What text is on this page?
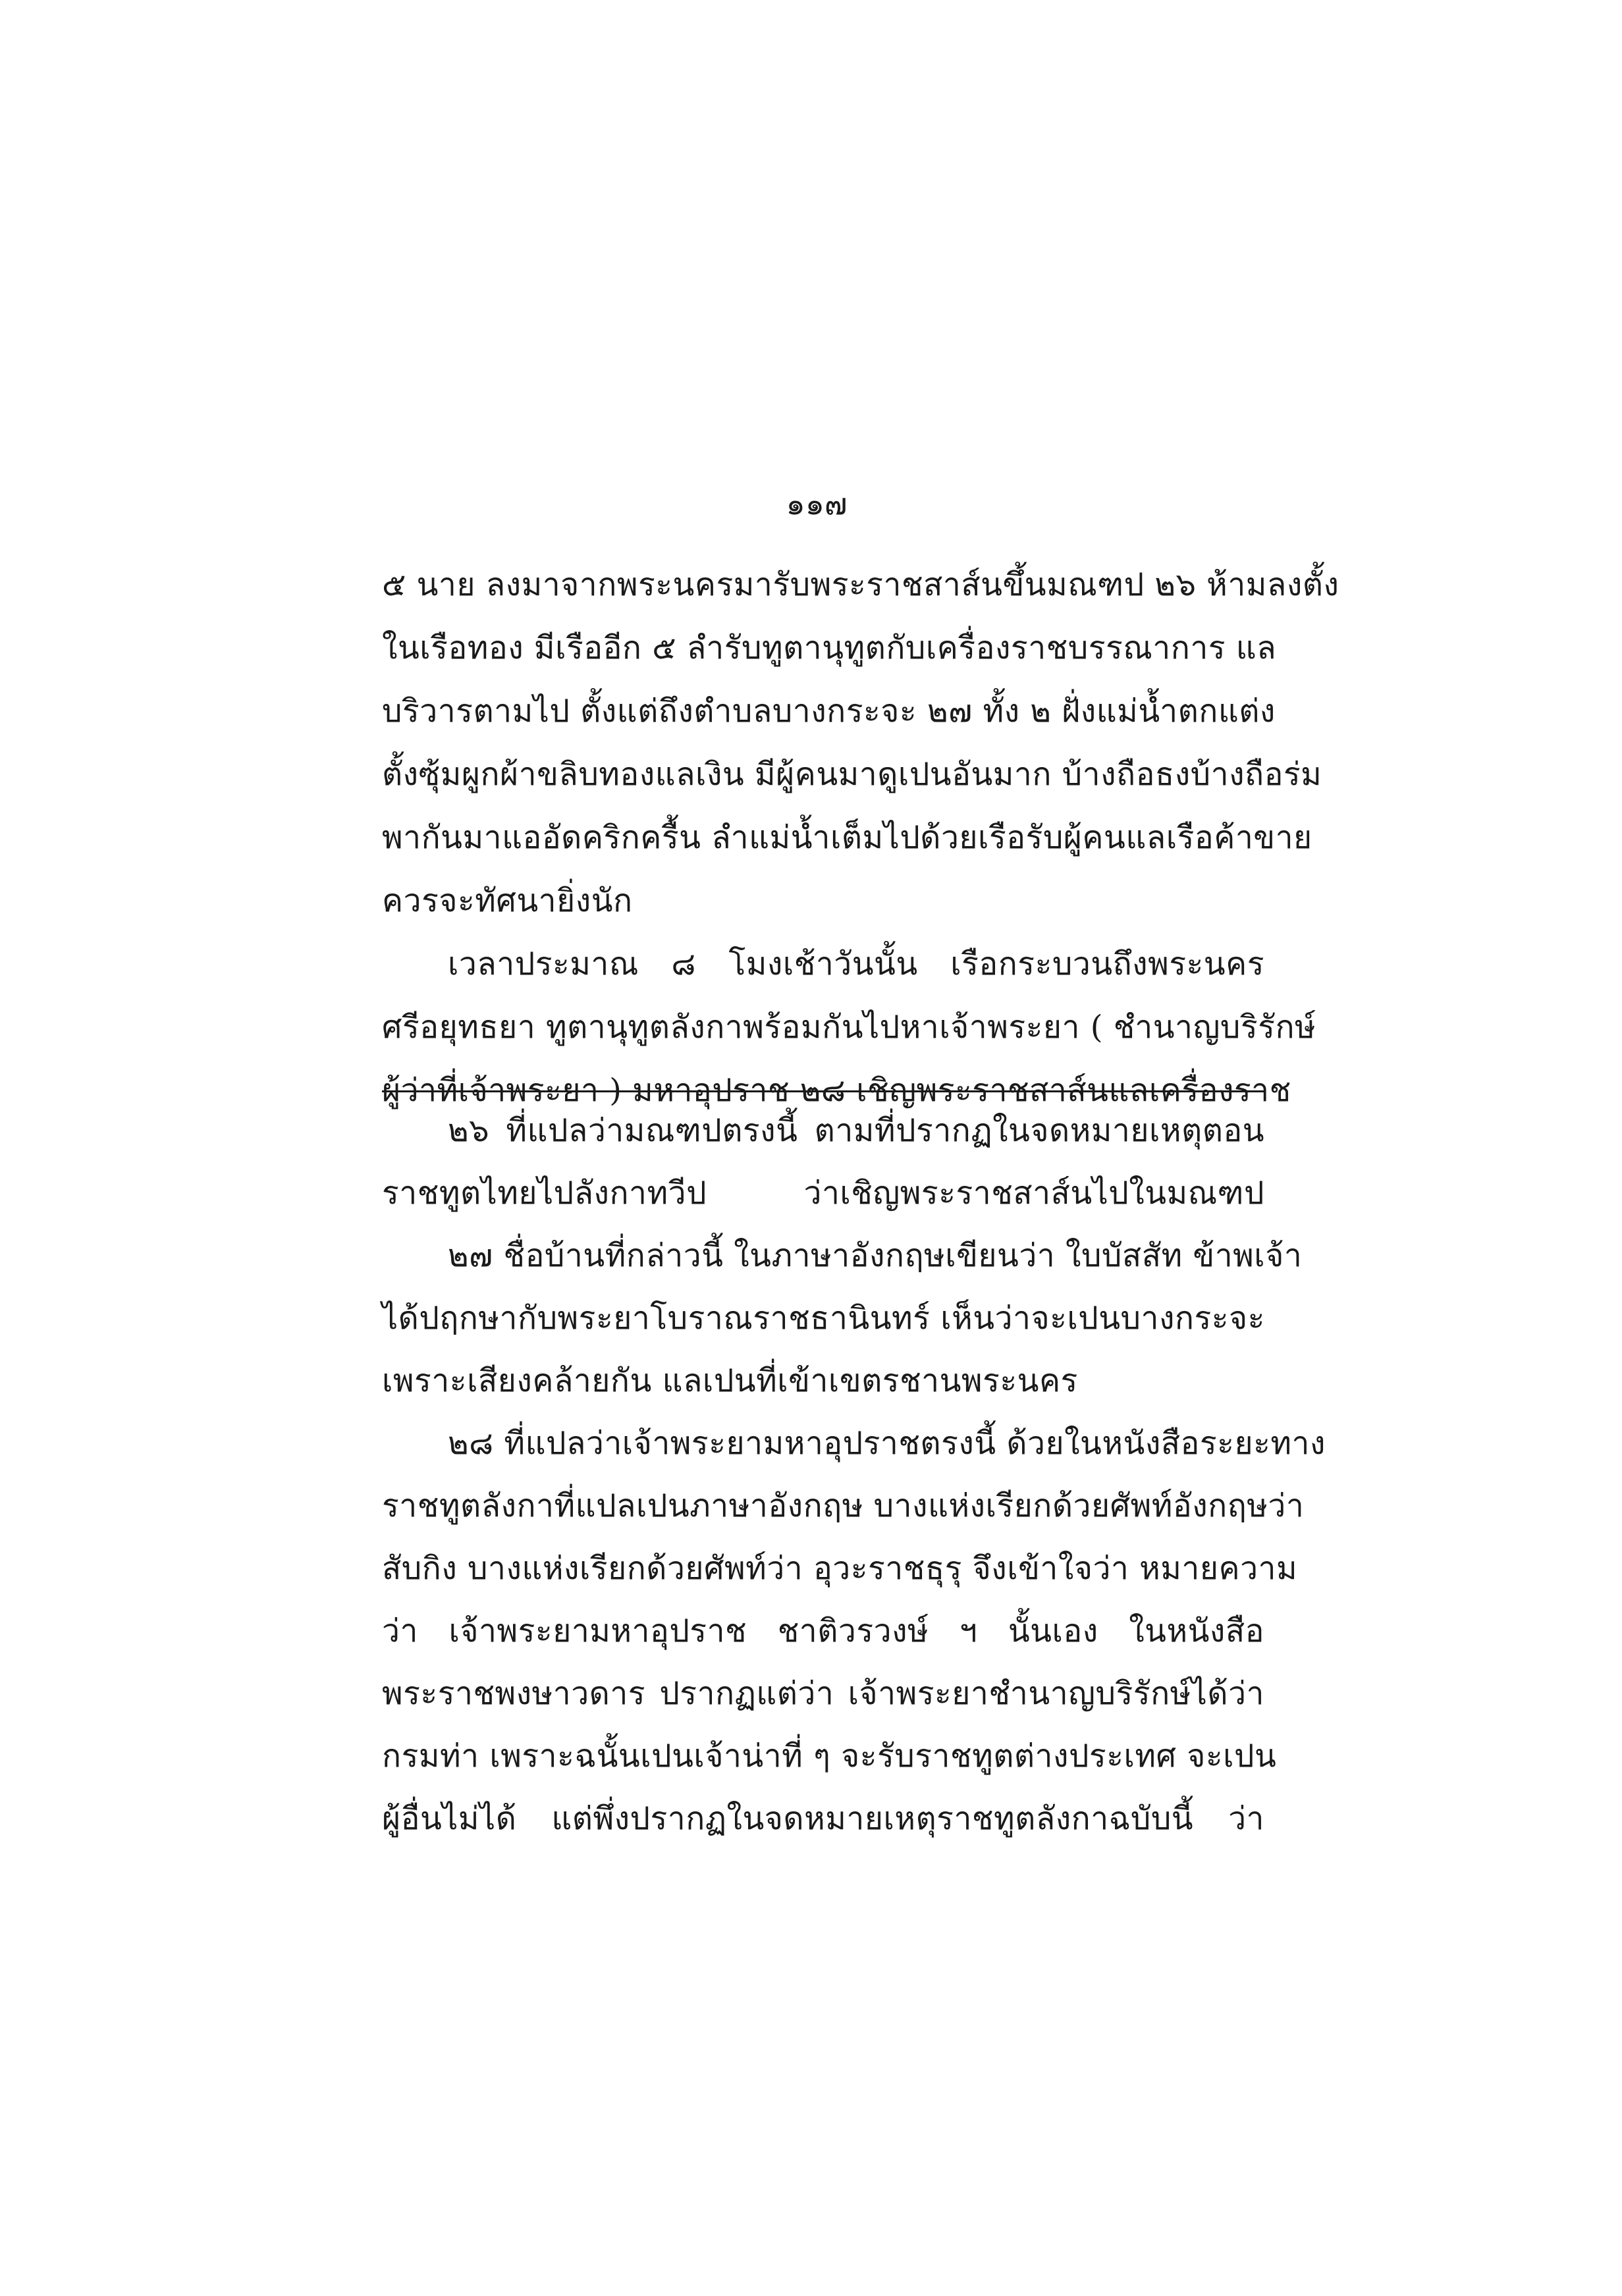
๑๑๗
๕ นาย ลงมาจากพระนครมารับพระราชสาส์นขึ้นมณฑป ๒๖ ห้ามลงตั้ง
ในเรือทอง มีเรืออีก ๕ ลำรับทูตานุทูตกับเครื่องราชบรรณาการ แล
บริวารตามไป ตั้งแต่ถึงตำบลบางกระจะ ๒๗ ทั้ง ๒ ฝั่งแม่น้ำตกแต่ง
ตั้งซุ้มผูกผ้าขลิบทองแลเงิน มีผู้คนมาดูเปนอันมาก บ้างถือธงบ้างถือร่ม
พากันมาแออัดคริกครื้น ลำแม่น้ำเต็มไปด้วยเรือรับผู้คนแลเรือค้าขาย
ควรจะทัศนายิ่งนัก
เวลาประมาณ ๘ โมงเช้าวันนั้น เรือกระบวนถึงพระนคร
ศรีอยุทธยา ทูตานุทูตลังกาพร้อมกันไปหาเจ้าพระยา ( ชำนาญบริรักษ์
ผู้ว่าที่เจ้าพระยา ) มหาอุปราช ๒๘ เชิญพระราชสาส์นแลเครื่องราช
๒๖ ที่แปลว่ามณฑปตรงนี้ ตามที่ปรากฏในจดหมายเหตุตอน
ราชทูตไทยไปลังกาทวีป ว่าเชิญพระราชสาส์นไปในมณฑป
๒๗ ชื่อบ้านที่กล่าวนี้ ในภาษาอังกฤษเขียนว่า ใบบัสสัท ข้าพเจ้า
ได้ปฤกษากับพระยาโบราณราชธานินทร์ เห็นว่าจะเปนบางกระจะ
เพราะเสียงคล้ายกัน แลเปนที่เข้าเขตรชานพระนคร
๒๘ ที่แปลว่าเจ้าพระยามหาอุปราชตรงนี้ ด้วยในหนังสือระยะทาง
ราชทูตลังกาที่แปลเปนภาษาอังกฤษ บางแห่งเรียกด้วยศัพท์อังกฤษว่า
สับกิง บางแห่งเรียกด้วยศัพท์ว่า อุวะราชธุรุ จึงเข้าใจว่า หมายความ
ว่า เจ้าพระยามหาอุปราช ชาติวรวงษ์ ฯ นั้นเอง ในหนังสือ
พระราชพงษาวดาร ปรากฏแต่ว่า เจ้าพระยาชำนาญบริรักษ์ได้ว่า
กรมท่า เพราะฉนั้นเปนเจ้าน่าที่ ๆ จะรับราชทูตต่างประเทศ จะเปน
ผู้อื่นไม่ได้ แต่พึ่งปรากฏในจดหมายเหตุราชทูตลังกาฉบับนี้ ว่า
